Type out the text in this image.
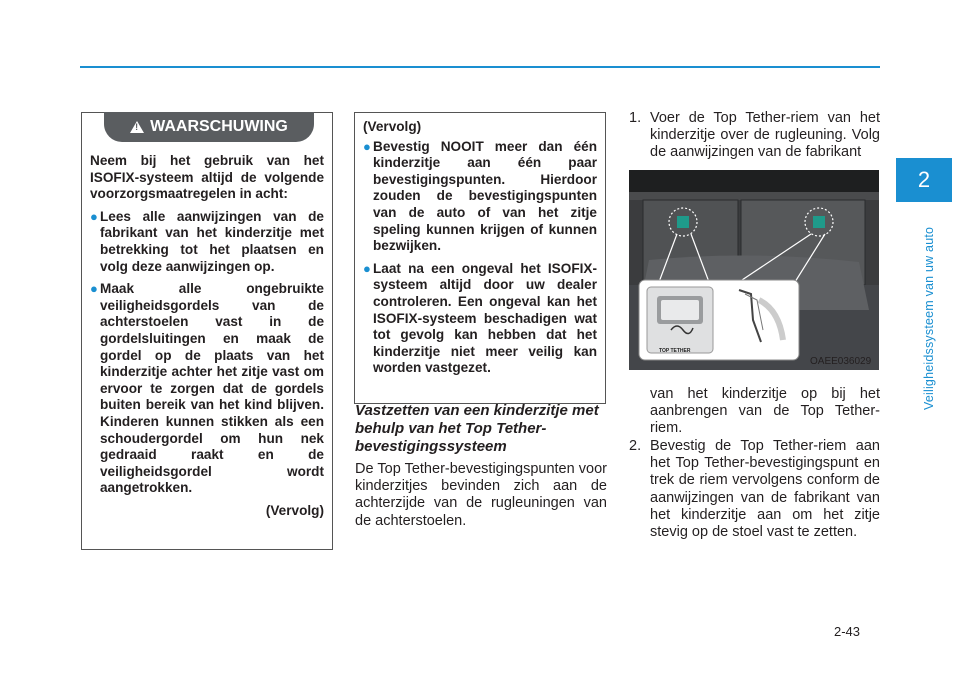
2
Veiligheidssysteem van uw auto
!
WAARSCHUWING

Neem bij het gebruik van het ISOFIX-systeem altijd de volgende voorzorgsmaatregelen in acht:

● Lees alle aanwijzingen van de fabrikant van het kinderzitje met betrekking tot het plaatsen en volg deze aanwijzingen op.
● Maak alle ongebruikte veiligheidsgordels van de achterstoelen vast in de gordelsluitingen en maak de gordel op de plaats van het kinderzitje achter het zitje vast om ervoor te zorgen dat de gordels buiten bereik van het kind blijven. Kinderen kunnen stikken als een schoudergordel om hun nek gedraaid raakt en de veiligheidsgordel wordt aangetrokken.
(Vervolg)
(Vervolg)
● Bevestig NOOIT meer dan één kinderzitje aan één paar bevestigingspunten. Hierdoor zouden de bevestigingspunten van de auto of van het zitje speling kunnen krijgen of kunnen bezwijken.
● Laat na een ongeval het ISOFIX-systeem altijd door uw dealer controleren. Een ongeval kan het ISOFIX-systeem beschadigen wat tot gevolg kan hebben dat het kinderzitje niet meer veilig kan worden vastgezet.
Vastzetten van een kinderzitje met behulp van het Top Tether-bevestigingssysteem
De Top Tether-bevestigingspunten voor kinderzitjes bevinden zich aan de achterzijde van de rugleuningen van de achterstoelen.
1. Voer de Top Tether-riem van het kinderzitje over de rugleuning. Volg de aanwijzingen van de fabrikant
TOP TETHER
OAEE036029
van het kinderzitje op bij het aanbrengen van de Top Tether-riem.
2. Bevestig de Top Tether-riem aan het Top Tether-bevestigingspunt en trek de riem vervolgens conform de aanwijzingen van de fabrikant van het kinderzitje aan om het zitje stevig op de stoel vast te zetten.
2-43
